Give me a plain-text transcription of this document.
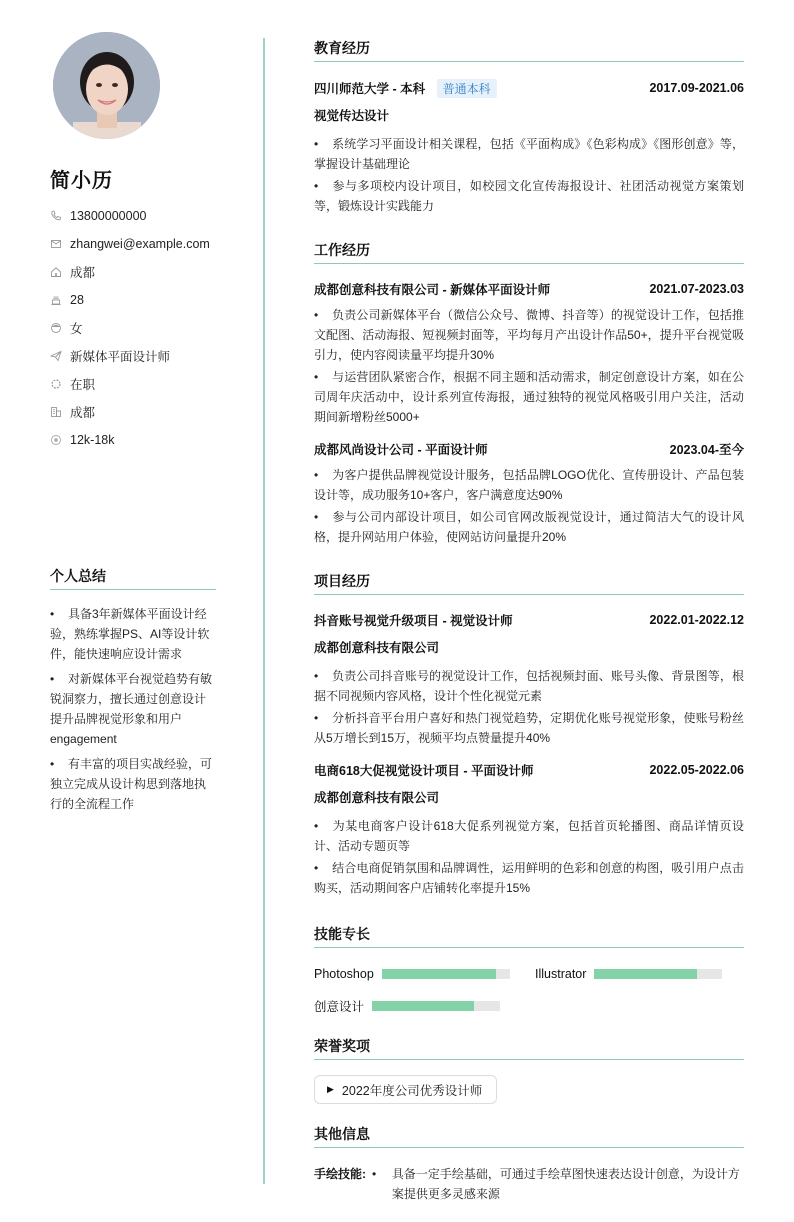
简小历
13800000000
zhangwei@example.com
成都
28
女
新媒体平面设计师
在职
成都
12k-18k
个人总结
• 具备3年新媒体平面设计经验，熟练掌握PS、AI等设计软件，能快速响应设计需求
• 对新媒体平台视觉趋势有敏锐洞察力，擅长通过创意设计提升品牌视觉形象和用户engagement
• 有丰富的项目实战经验，可独立完成从设计构思到落地执行的全流程工作
教育经历
四川师范大学 - 本科 普通本科	2017.09-2021.06
视觉传达设计
• 系统学习平面设计相关课程，包括《平面构成》《色彩构成》《图形创意》等，掌握设计基础理论
• 参与多项校内设计项目，如校园文化宣传海报设计、社团活动视觉方案策划等，锻炼设计实践能力
工作经历
成都创意科技有限公司 - 新媒体平面设计师	2021.07-2023.03
• 负责公司新媒体平台（微信公众号、微博、抖音等）的视觉设计工作，包括推文配图、活动海报、短视频封面等，平均每月产出设计作品50+，提升平台视觉吸引力，使内容阅读量平均提升30%
• 与运营团队紧密合作，根据不同主题和活动需求，制定创意设计方案，如在公司周年庆活动中，设计系列宣传海报，通过独特的视觉风格吸引用户关注，活动期间新增粉丝5000+
成都风尚设计公司 - 平面设计师	2023.04-至今
• 为客户提供品牌视觉设计服务，包括品牌LOGO优化、宣传册设计、产品包装设计等，成功服务10+客户，客户满意度达90%
• 参与公司内部设计项目，如公司官网改版视觉设计，通过简洁大气的设计风格，提升网站用户体验，使网站访问量提升20%
项目经历
抖音账号视觉升级项目 - 视觉设计师	2022.01-2022.12
成都创意科技有限公司
• 负责公司抖音账号的视觉设计工作，包括视频封面、账号头像、背景图等，根据不同视频内容风格，设计个性化视觉元素
• 分析抖音平台用户喜好和热门视觉趋势，定期优化账号视觉形象，使账号粉丝从5万增长到15万，视频平均点赞量提升40%
电商618大促视觉设计项目 - 平面设计师	2022.05-2022.06
成都创意科技有限公司
• 为某电商客户设计618大促系列视觉方案，包括首页轮播图、商品详情页设计、活动专题页等
• 结合电商促销氛围和品牌调性，运用鲜明的色彩和创意的构图，吸引用户点击购买，活动期间客户店铺转化率提升15%
技能专长
Photoshop	Illustrator
创意设计
荣誉奖项
▶ 2022年度公司优秀设计师
其他信息
手绘技能: •	具备一定手绘基础，可通过手绘草图快速表达设计创意，为设计方案提供更多灵感来源
